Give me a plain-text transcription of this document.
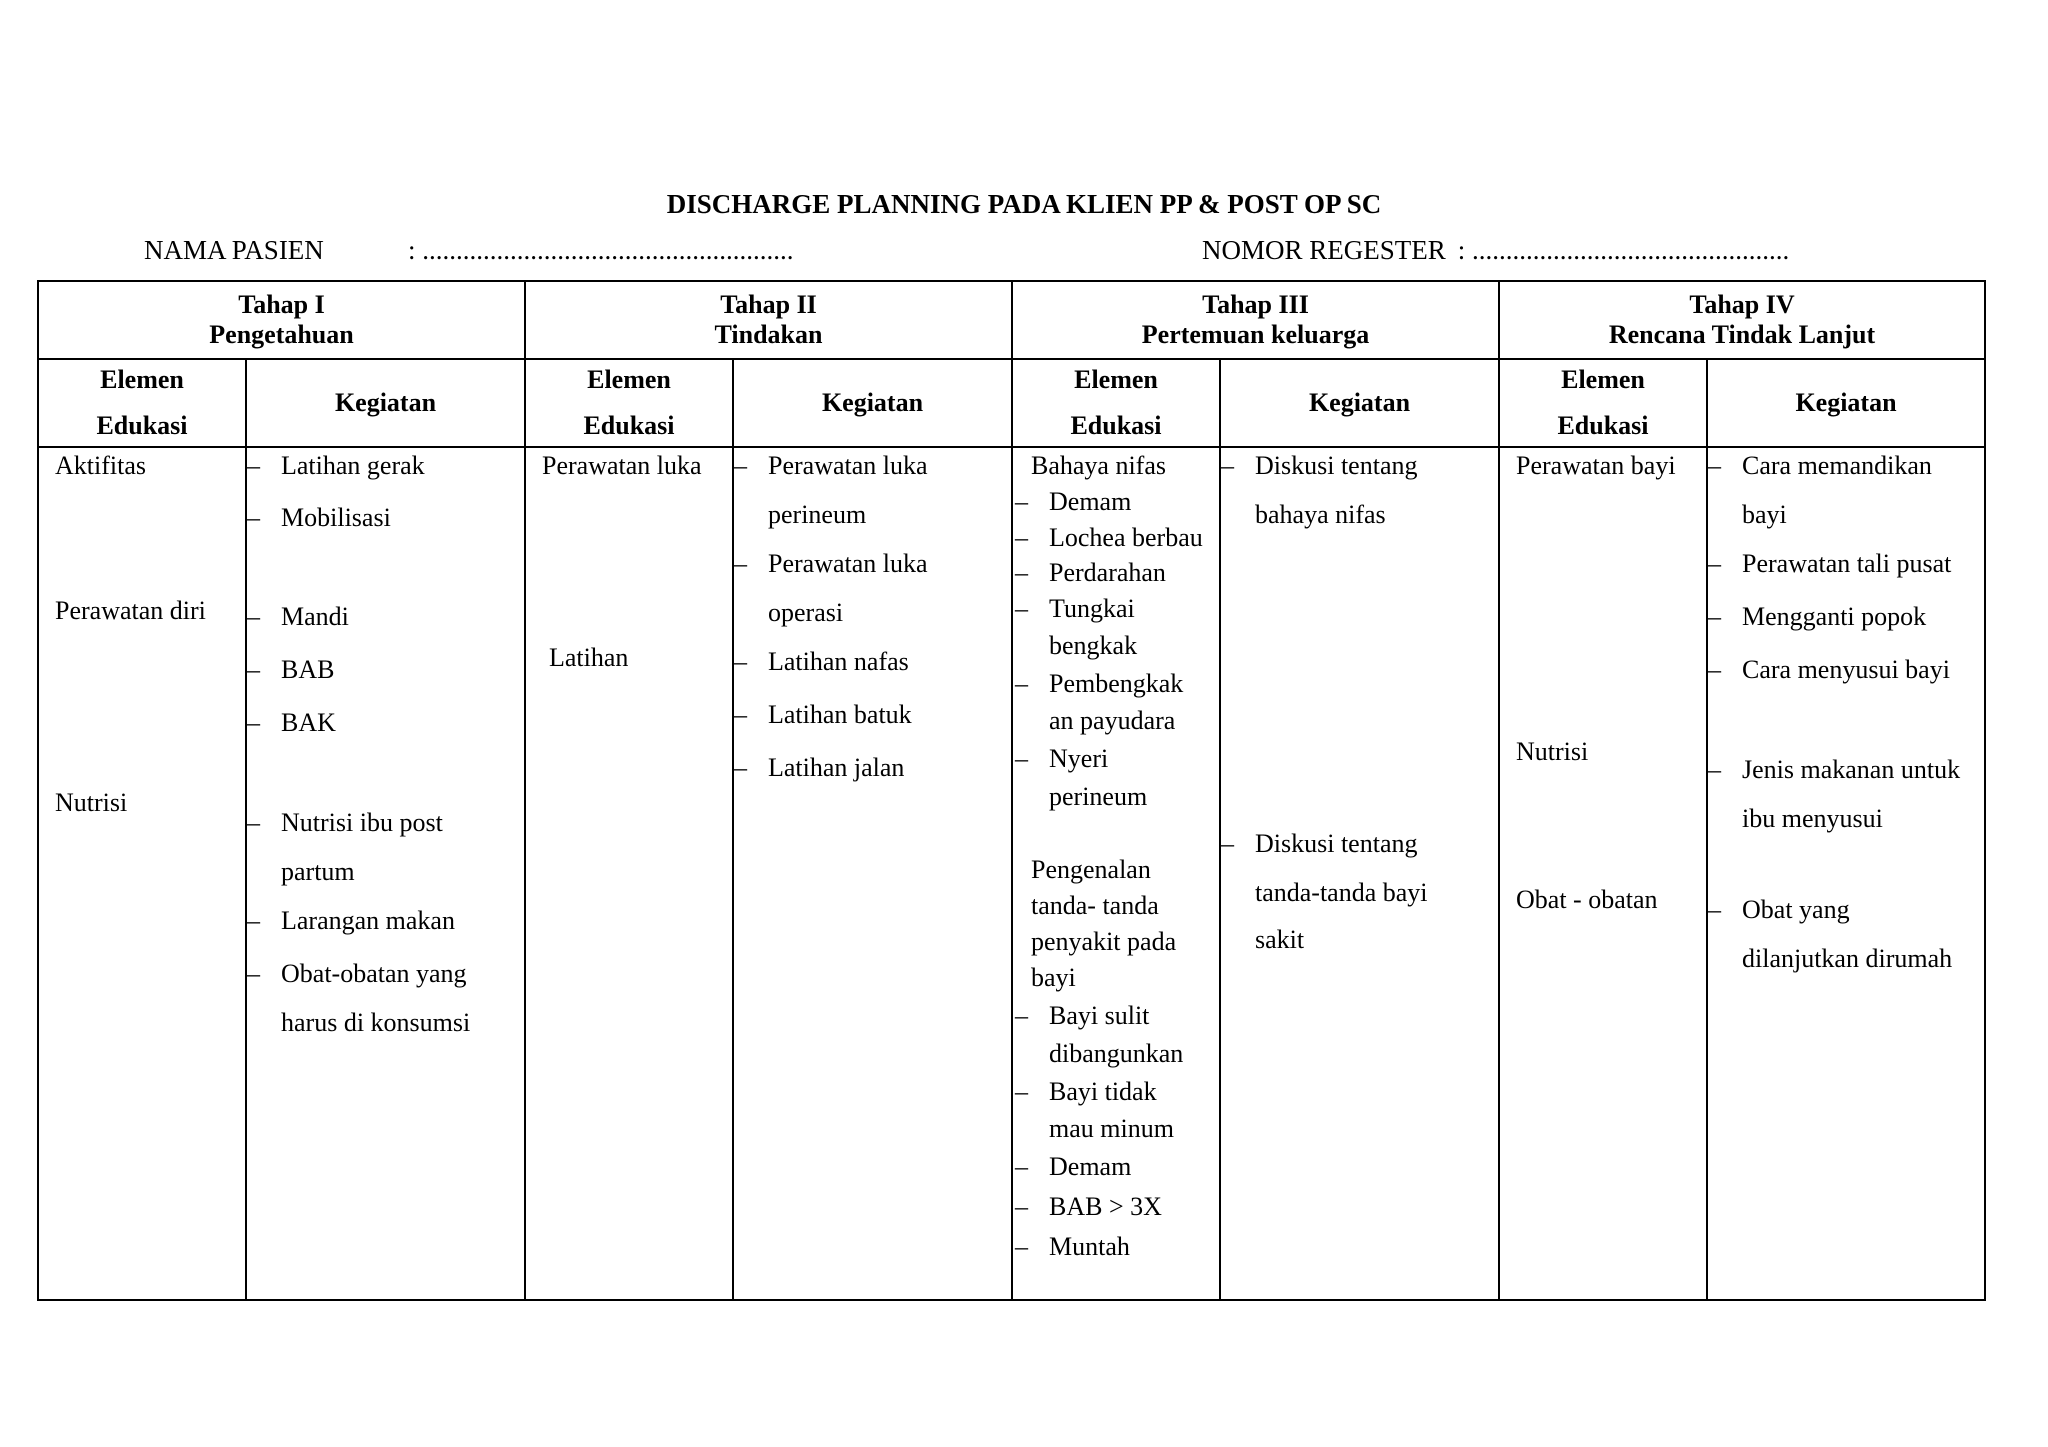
DISCHARGE PLANNING PADA KLIEN PP & POST OP SC
NAMA PASIEN	: .......................................................	NOMOR REGESTER : ...............................................
Tahap I
Pengetahuan
Tahap II
Tindakan
Tahap III
Pertemuan keluarga
Tahap IV
Rencana Tindak Lanjut
Elemen
Edukasi
Kegiatan
Elemen
Edukasi
Kegiatan
Elemen
Edukasi
Kegiatan
Elemen
Edukasi
Kegiatan
Aktifitas
Perawatan diri
Nutrisi
– Latihan gerak
– Mobilisasi
– Mandi
– BAB
– BAK
– Nutrisi ibu post
partum
– Larangan makan
– Obat-obatan yang
harus di konsumsi
Perawatan luka
Latihan
– Perawatan luka
perineum
– Perawatan luka
operasi
– Latihan nafas
– Latihan batuk
– Latihan jalan
Bahaya nifas
– Demam
– Lochea berbau
– Perdarahan
– Tungkai
bengkak
– Pembengkak
an payudara
– Nyeri
perineum
Pengenalan
tanda- tanda
penyakit pada
bayi
– Bayi sulit
dibangunkan
– Bayi tidak
mau minum
– Demam
– BAB > 3X
– Muntah
– Diskusi tentang
bahaya nifas
– Diskusi tentang
tanda-tanda bayi
sakit
Perawatan bayi
Nutrisi
Obat - obatan
– Cara memandikan
bayi
– Perawatan tali pusat
– Mengganti popok
– Cara menyusui bayi
– Jenis makanan untuk
ibu menyusui
– Obat yang
dilanjutkan dirumah
